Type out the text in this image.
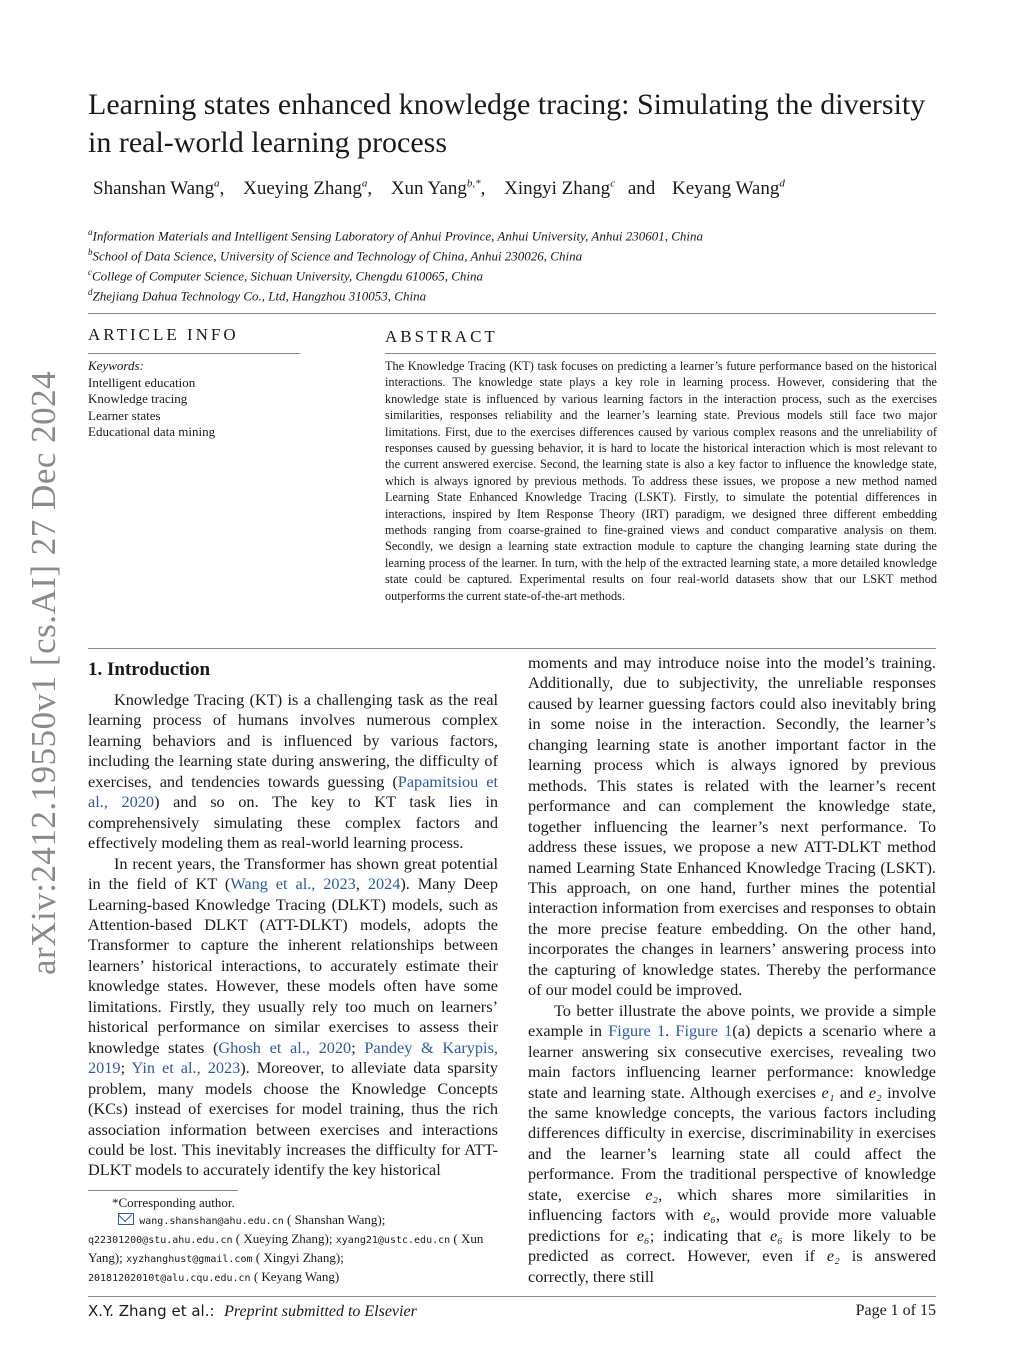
arXiv:2412.19550v1 [cs.AI] 27 Dec 2024
Learning states enhanced knowledge tracing: Simulating the diversity in real-world learning process
Shanshan Wang$^a$, Xueying Zhang$^a$, Xun Yang$^{b,*}$, Xingyi Zhang$^c$ and Keyang Wang$^d$
$^a$Information Materials and Intelligent Sensing Laboratory of Anhui Province, Anhui University, Anhui 230601, China
$^b$School of Data Science, University of Science and Technology of China, Anhui 230026, China
$^c$College of Computer Science, Sichuan University, Chengdu 610065, China
$^d$Zhejiang Dahua Technology Co., Ltd, Hangzhou 310053, China
ARTICLE INFO	ABSTRACT
Keywords:
Intelligent education
Knowledge tracing
Learner states
Educational data mining
The Knowledge Tracing (KT) task focuses on predicting a learner’s future performance based on the historical interactions. The knowledge state plays a key role in learning process. However, considering that the knowledge state is influenced by various learning factors in the interaction process, such as the exercises similarities, responses reliability and the learner’s learning state. Previous models still face two major limitations. First, due to the exercises differences caused by various complex reasons and the unreliability of responses caused by guessing behavior, it is hard to locate the historical interaction which is most relevant to the current answered exercise. Second, the learning state is also a key factor to influence the knowledge state, which is always ignored by previous methods. To address these issues, we propose a new method named Learning State Enhanced Knowledge Tracing (LSKT). Firstly, to simulate the potential differences in interactions, inspired by Item Response Theory (IRT) paradigm, we designed three different embedding methods ranging from coarse-grained to fine-grained views and conduct comparative analysis on them. Secondly, we design a learning state extraction module to capture the changing learning state during the learning process of the learner. In turn, with the help of the extracted learning state, a more detailed knowledge state could be captured. Experimental results on four real-world datasets show that our LSKT method outperforms the current state-of-the-art methods.
1. Introduction

Knowledge Tracing (KT) is a challenging task as the real learning process of humans involves numerous complex learning behaviors and is influenced by various factors, including the learning state during answering, the difficulty of exercises, and tendencies towards guessing (Papamitsiou et al., 2020) and so on. The key to KT task lies in comprehensively simulating these complex factors and effectively modeling them as real-world learning process.

In recent years, the Transformer has shown great potential in the field of KT (Wang et al., 2023, 2024). Many Deep Learning-based Knowledge Tracing (DLKT) models, such as Attention-based DLKT (ATT-DLKT) models, adopts the Transformer to capture the inherent relationships between learners’ historical interactions, to accurately estimate their knowledge states. However, these models often have some limitations. Firstly, they usually rely too much on learners’ historical performance on similar exercises to assess their knowledge states (Ghosh et al., 2020; Pandey & Karypis, 2019; Yin et al., 2023). Moreover, to alleviate data sparsity problem, many models choose the Knowledge Concepts (KCs) instead of exercises for model training, thus the rich association information between exercises and interactions could be lost. This inevitably increases the difficulty for ATT-DLKT models to accurately identify the key historical

moments and may introduce noise into the model’s training. Additionally, due to subjectivity, the unreliable responses caused by learner guessing factors could also inevitably bring in some noise in the interaction. Secondly, the learner’s changing learning state is another important factor in the learning process which is always ignored by previous methods. This states is related with the learner’s recent performance and can complement the knowledge state, together influencing the learner’s next performance. To address these issues, we propose a new ATT-DLKT method named Learning State Enhanced Knowledge Tracing (LSKT). This approach, on one hand, further mines the potential interaction information from exercises and responses to obtain the more precise feature embedding. On the other hand, incorporates the changes in learners’ answering process into the capturing of knowledge states. Thereby the performance of our model could be improved.

To better illustrate the above points, we provide a simple example in Figure 1. Figure 1(a) depicts a scenario where a learner answering six consecutive exercises, revealing two main factors influencing learner performance: knowledge state and learning state. Although exercises e₁ and e₂ involve the same knowledge concepts, the various factors including differences difficulty in exercise, discriminability in exercises and the learner’s learning state all could affect the performance. From the traditional perspective of knowledge state, exercise e₂, which shares more similarities in influencing factors with e₆, would provide more valuable predictions for e₆; indicating that e₆ is more likely to be predicted as correct. However, even if e₂ is answered correctly, there still

*Corresponding author.
wang.shanshan@ahu.edu.cn ( Shanshan Wang);
q22301200@stu.ahu.edu.cn ( Xueying Zhang); xyang21@ustc.edu.cn ( Xun Yang); xyzhanghust@gmail.com ( Xingyi Zhang);
20181202010t@alu.cqu.edu.cn ( Keyang Wang)
X.Y. Zhang et al.: Preprint submitted to Elsevier	Page 1 of 15
